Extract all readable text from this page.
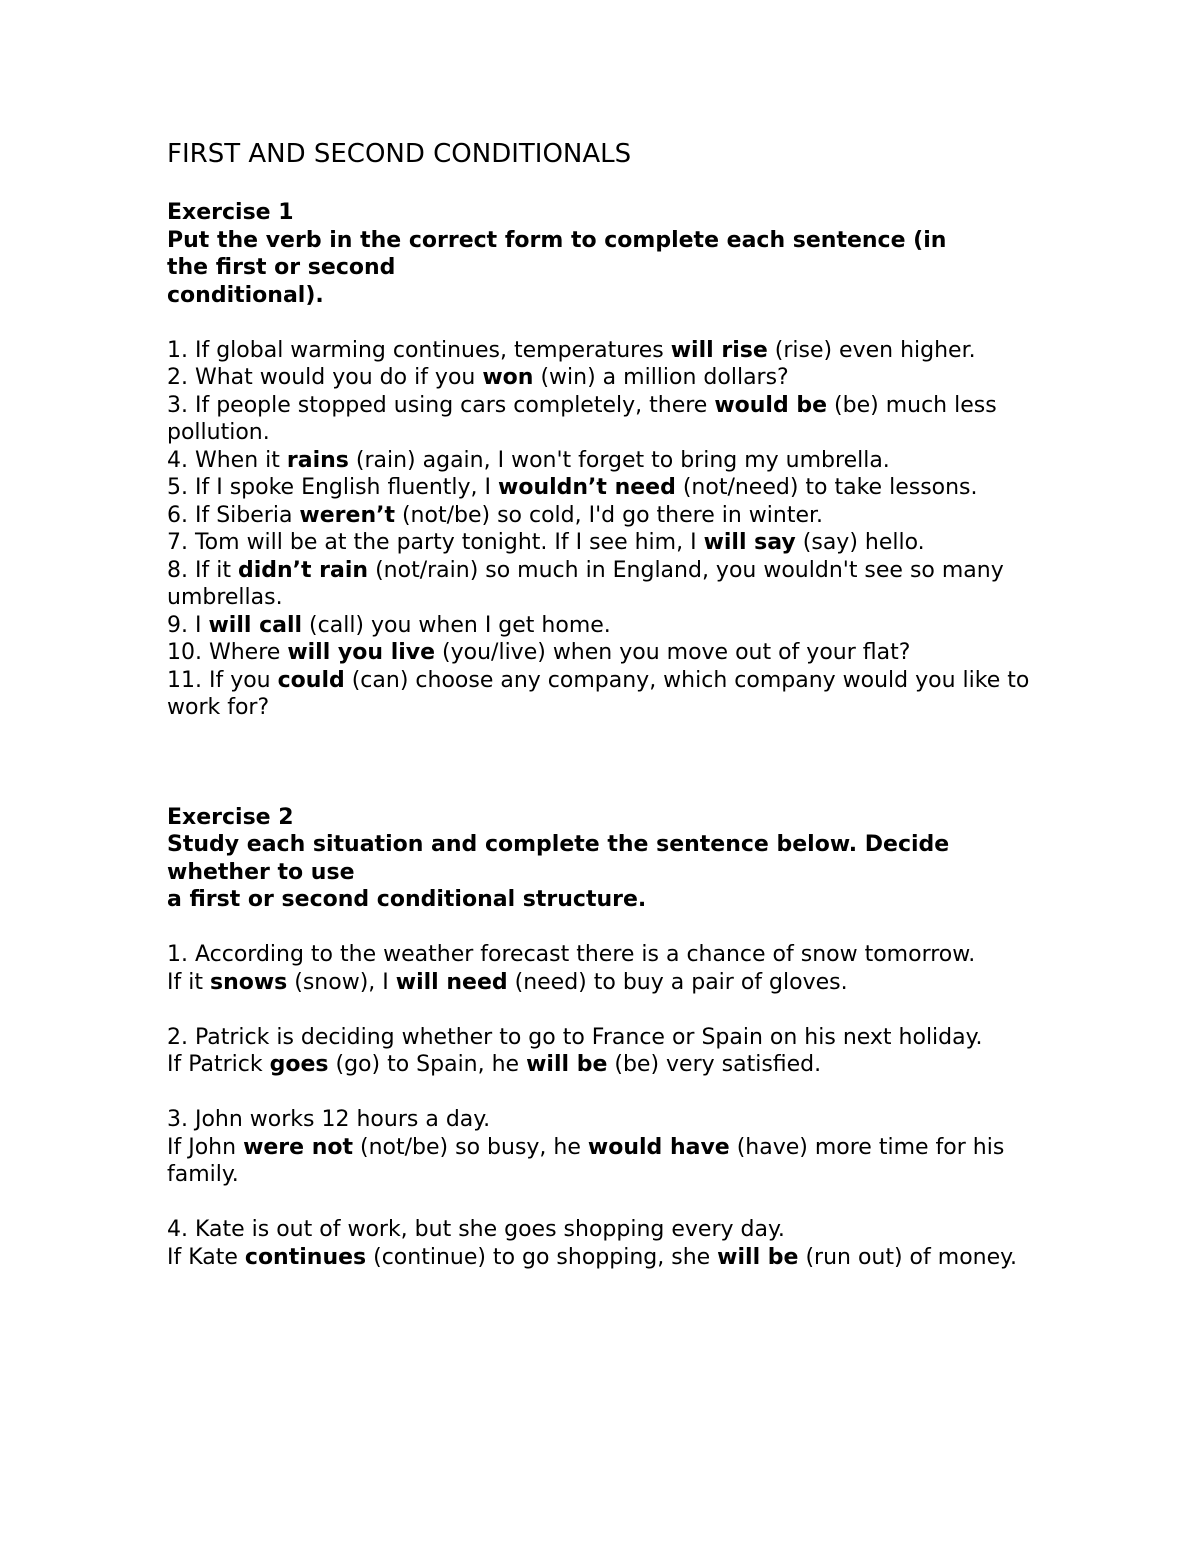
FIRST AND SECOND CONDITIONALS
Exercise 1
Put the verb in the correct form to complete each sentence (in
the first or second
conditional).
1. If global warming continues, temperatures will rise (rise) even higher.
2. What would you do if you won (win) a million dollars?
3. If people stopped using cars completely, there would be (be) much less pollution.
4. When it rains (rain) again, I won't forget to bring my umbrella.
5. If I spoke English fluently, I wouldn’t need (not/need) to take lessons.
6. If Siberia weren’t (not/be) so cold, I'd go there in winter.
7. Tom will be at the party tonight. If I see him, I will say (say) hello.
8. If it didn’t rain (not/rain) so much in England, you wouldn't see so many umbrellas.
9. I will call (call) you when I get home.
10. Where will you live (you/live) when you move out of your flat?
11. If you could (can) choose any company, which company would you like to work for?
Exercise 2
Study each situation and complete the sentence below. Decide
whether to use
a first or second conditional structure.
1. According to the weather forecast there is a chance of snow tomorrow.
If it snows (snow), I will need (need) to buy a pair of gloves.
2. Patrick is deciding whether to go to France or Spain on his next holiday.
If Patrick goes (go) to Spain, he will be (be) very satisfied.
3. John works 12 hours a day.
If John were not (not/be) so busy, he would have (have) more time for his family.
4. Kate is out of work, but she goes shopping every day.
If Kate continues (continue) to go shopping, she will be (run out) of money.
